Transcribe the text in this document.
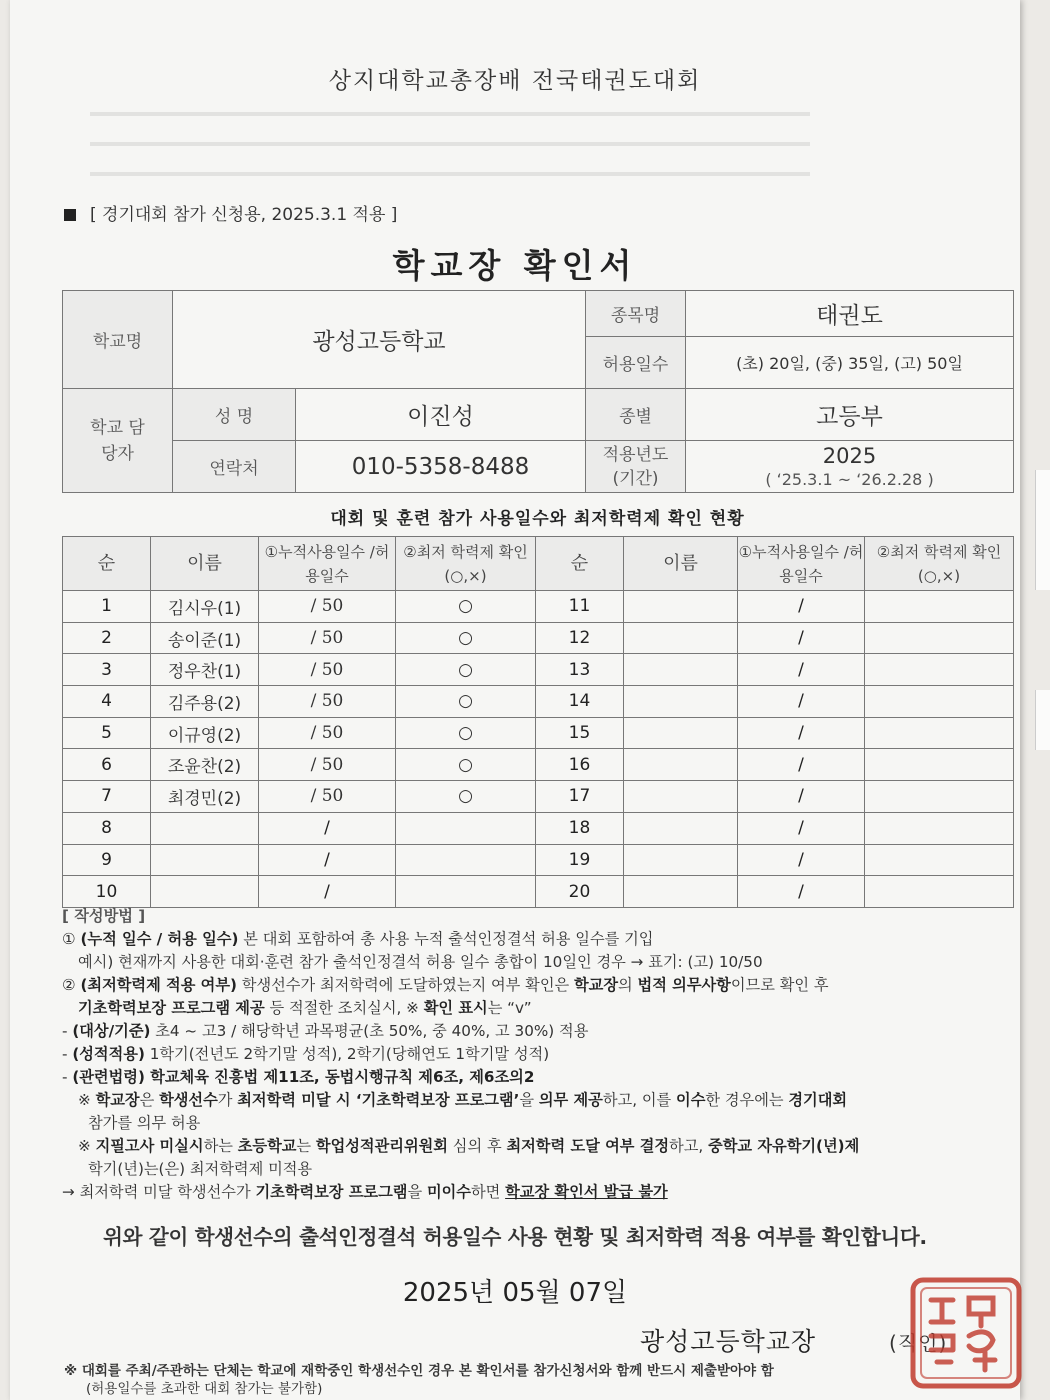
상지대학교총장배 전국태권도대회
[ 경기대회 참가 신청용, 2025.3.1 적용 ]
학교장 확인서
학교명	광성고등학교		종목명	태권도
			허용일수	(초) 20일, (중) 35일, (고) 50일
학교 담당자	성 명	이진성	종별	고등부
	연락처	010-5358-8488	적용년도 (기간)	2025
( ‘25.3.1 ~ ‘26.2.28 )
대회 및 훈련 참가 사용일수와 최저학력제 확인 현황
순	이름	①누적사용일수 /허용일수	②최저 학력제 확인(○,×)	순	이름	①누적사용일수 /허용일수	②최저 학력제 확인(○,×)
1	김시우(1)	/ 50	○	11		/	
2	송이준(1)	/ 50	○	12		/	
3	정우찬(1)	/ 50	○	13		/	
4	김주용(2)	/ 50	○	14		/	
5	이규영(2)	/ 50	○	15		/	
6	조윤찬(2)	/ 50	○	16		/	
7	최경민(2)	/ 50	○	17		/	
8		/		18		/	
9		/		19		/	
10		/		20		/	
[ 작성방법 ]
① (누적 일수 / 허용 일수) 본 대회 포함하여 총 사용 누적 출석인정결석 허용 일수를 기입
예시) 현재까지 사용한 대회·훈련 참가 출석인정결석 허용 일수 총합이 10일인 경우 → 표기: (고) 10/50
② (최저학력제 적용 여부) 학생선수가 최저학력에 도달하였는지 여부 확인은 학교장의 법적 의무사항이므로 확인 후
기초학력보장 프로그램 제공 등 적절한 조치실시, ※ 확인 표시는 “v”
- (대상/기준) 초4 ~ 고3 / 해당학년 과목평균(초 50%, 중 40%, 고 30%) 적용
- (성적적용) 1학기(전년도 2학기말 성적), 2학기(당해연도 1학기말 성적)
- (관련법령) 학교체육 진흥법 제11조, 동법시행규칙 제6조, 제6조의2
※ 학교장은 학생선수가 최저학력 미달 시 ‘기초학력보장 프로그램’을 의무 제공하고, 이를 이수한 경우에는 경기대회
참가를 의무 허용
※ 지필고사 미실시하는 초등학교는 학업성적관리위원회 심의 후 최저학력 도달 여부 결정하고, 중학교 자유학기(년)제
학기(년)는(은) 최저학력제 미적용
→ 최저학력 미달 학생선수가 기초학력보장 프로그램을 미이수하면 학교장 확인서 발급 불가
위와 같이 학생선수의 출석인정결석 허용일수 사용 현황 및 최저학력 적용 여부를 확인합니다.
2025년 05월 07일
광성고등학교장	(직인)
※ 대회를 주최/주관하는 단체는 학교에 재학중인 학생선수인 경우 본 확인서를 참가신청서와 함께 반드시 제출받아야 함
(허용일수를 초과한 대회 참가는 불가함)
